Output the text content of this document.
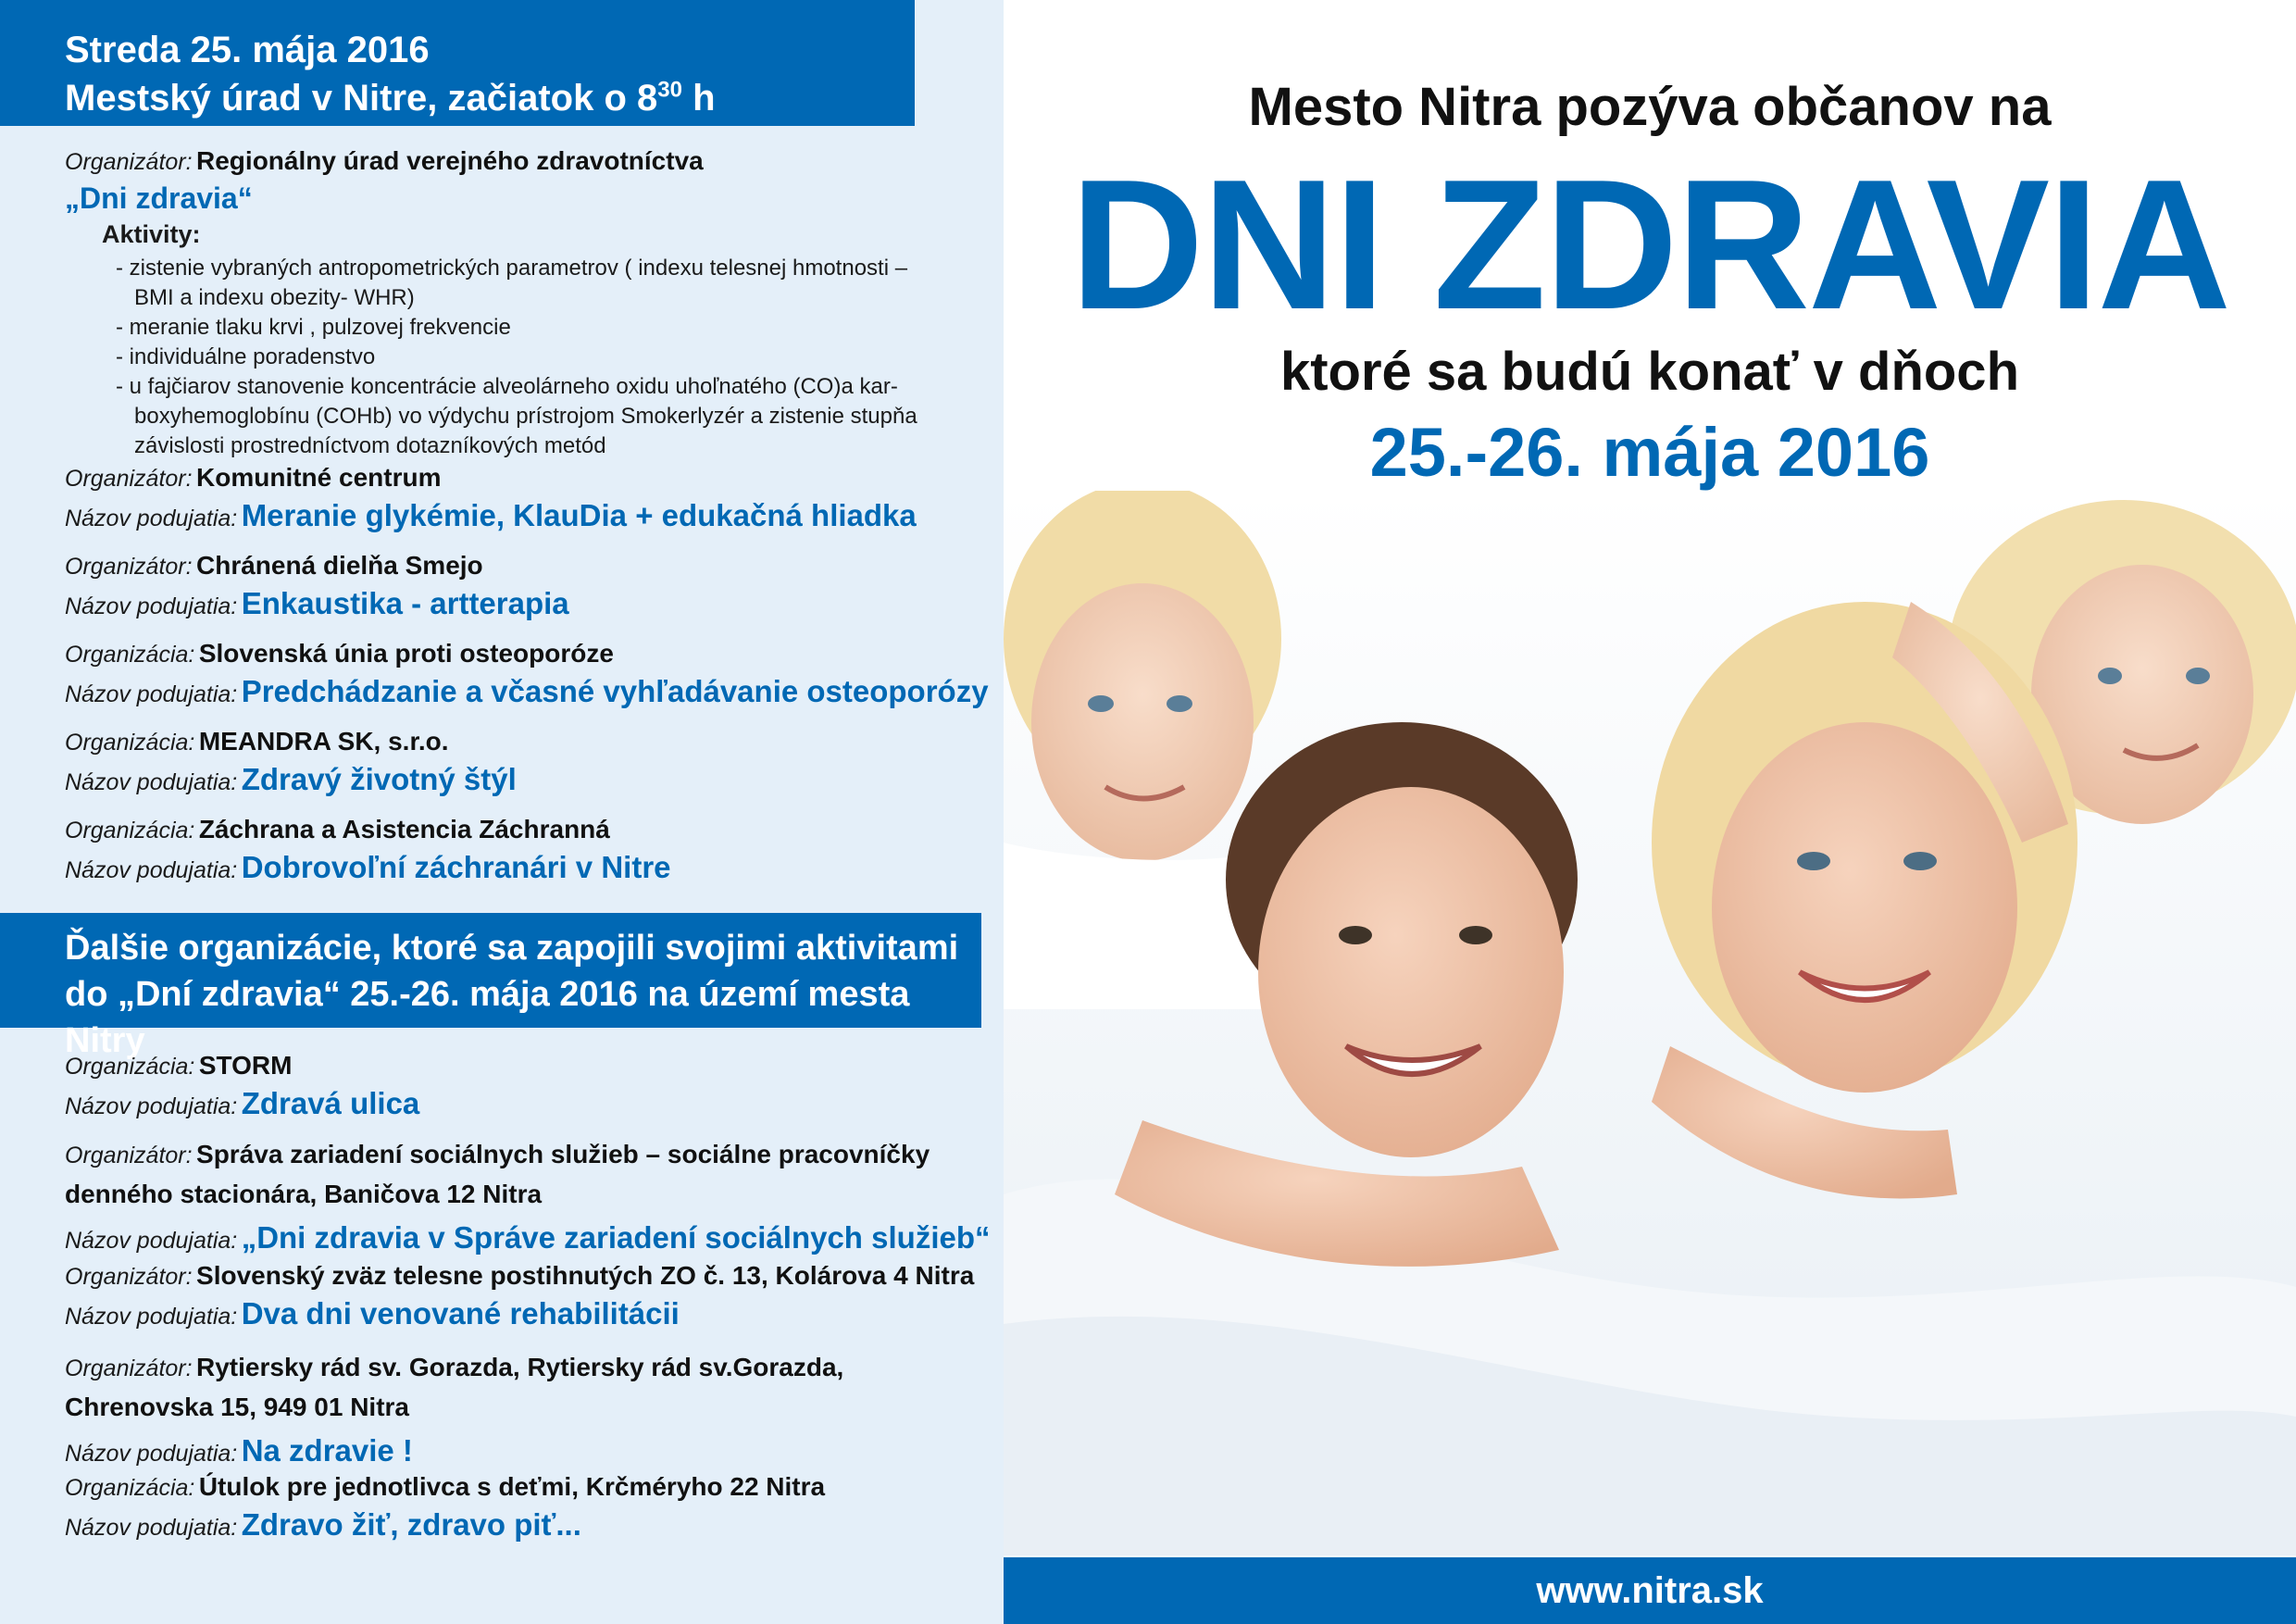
Streda 25. mája 2016
Mestský úrad v Nitre, začiatok o $8^{30}$ h
Organizátor: Regionálny úrad verejného zdravotníctva
„Dni zdravia“
Aktivity:
- zistenie vybraných antropometrických parametrov ( indexu telesnej hmotnosti –
BMI a indexu obezity- WHR)
- meranie tlaku krvi , pulzovej frekvencie
- individuálne poradenstvo
- u fajčiarov stanovenie koncentrácie alveolárneho oxidu uhoľnatého (CO)a kar-
boxyhemoglobínu (COHb) vo výdychu prístrojom Smokerlyzér a zistenie stupňa
závislosti prostredníctvom dotazníkových metód
Organizátor: Komunitné centrum
Názov podujatia: Meranie glykémie, KlauDia + edukačná hliadka
Organizátor: Chránená dielňa Smejo
Názov podujatia: Enkaustika - artterapia
Organizácia: Slovenská únia proti osteoporóze
Názov podujatia: Predchádzanie a včasné vyhľadávanie osteoporózy
Organizácia: MEANDRA SK, s.r.o.
Názov podujatia: Zdravý životný štýl
Organizácia: Záchrana a Asistencia Záchranná
Názov podujatia: Dobrovoľní záchranári v Nitre
Ďalšie organizácie, ktoré sa zapojili svojimi aktivitami
do „Dní zdravia“ 25.-26. mája 2016 na území mesta Nitry
Organizácia: STORM
Názov podujatia: Zdravá ulica
Organizátor: Správa zariadení sociálnych služieb – sociálne pracovníčky denného stacionára, Baničova 12 Nitra
Názov podujatia: „Dni zdravia v Správe zariadení sociálnych služieb“
Organizátor: Slovenský zväz telesne postihnutých ZO č. 13, Kolárova 4 Nitra
Názov podujatia: Dva dni venované rehabilitácii
Organizátor: Rytiersky rád sv. Gorazda, Rytiersky rád sv.Gorazda, Chrenovska 15, 949 01 Nitra
Názov podujatia: Na zdravie !
Organizácia: Útulok pre jednotlivca s deťmi, Krčméryho 22 Nitra
Názov podujatia: Zdravo žiť, zdravo piť...
Mesto Nitra pozýva občanov na
DNI ZDRAVIA
ktoré sa budú konať v dňoch
25.-26. mája 2016
www.nitra.sk
